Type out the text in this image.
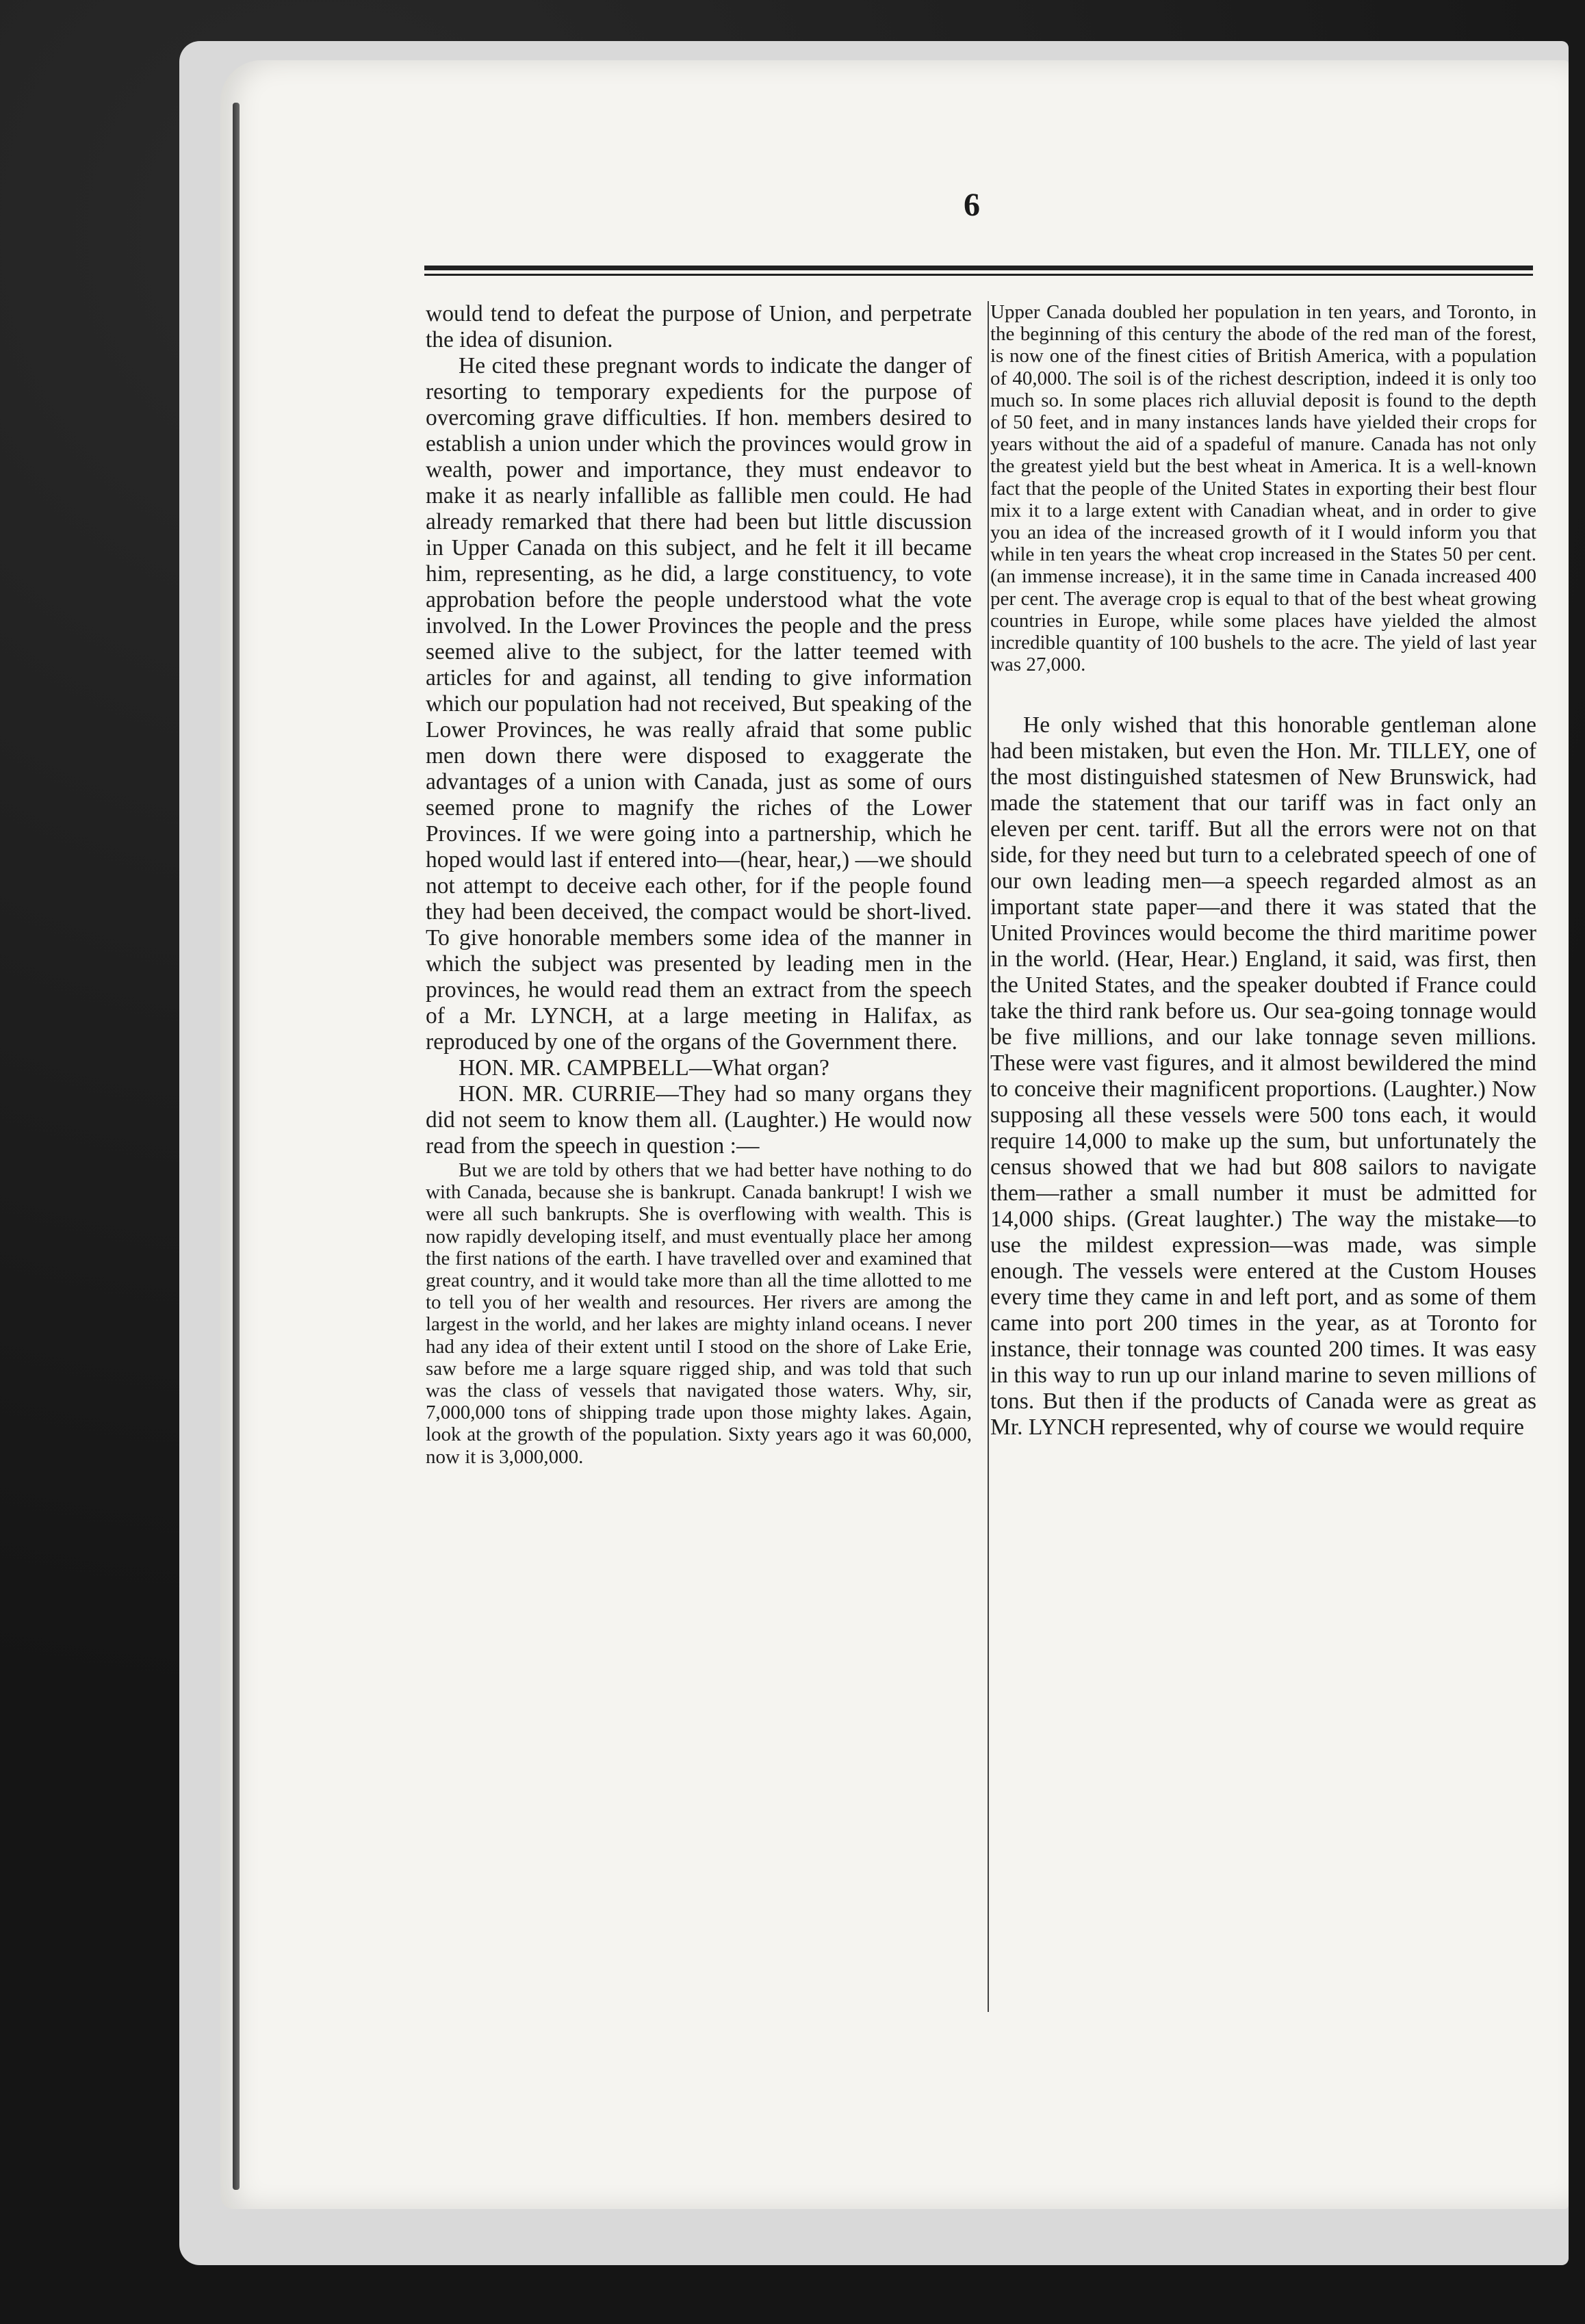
6

would tend to defeat the purpose of Union, and perpetrate the idea of disunion.

He cited these pregnant words to indicate the danger of resorting to temporary expedients for the purpose of overcoming grave difficulties. If hon. members desired to establish a union under which the provinces would grow in wealth, power and importance, they must endeavor to make it as nearly infallible as fallible men could. He had already remarked that there had been but little discussion in Upper Canada on this subject, and he felt it ill became him, representing, as he did, a large constituency, to vote approbation before the people understood what the vote involved. In the Lower Provinces the people and the press seemed alive to the subject, for the latter teemed with articles for and against, all tending to give information which our population had not received, But speaking of the Lower Provinces, he was really afraid that some public men down there were disposed to exaggerate the advantages of a union with Canada, just as some of ours seemed prone to magnify the riches of the Lower Provinces. If we were going into a partnership, which he hoped would last if entered into—(hear, hear,) —we should not attempt to deceive each other, for if the people found they had been deceived, the compact would be short-lived. To give honorable members some idea of the manner in which the subject was presented by leading men in the provinces, he would read them an extract from the speech of a Mr. LYNCH, at a large meeting in Halifax, as reproduced by one of the organs of the Government there.

HON. MR. CAMPBELL—What organ?

HON. MR. CURRIE—They had so many organs they did not seem to know them all. (Laughter.) He would now read from the speech in question :—

But we are told by others that we had better have nothing to do with Canada, because she is bankrupt. Canada bankrupt! I wish we were all such bankrupts. She is overflowing with wealth. This is now rapidly developing itself, and must eventually place her among the first nations of the earth. I have travelled over and examined that great country, and it would take more than all the time allotted to me to tell you of her wealth and resources. Her rivers are among the largest in the world, and her lakes are mighty inland oceans. I never had any idea of their extent until I stood on the shore of Lake Erie, saw before me a large square rigged ship, and was told that such was the class of vessels that navigated those waters. Why, sir, 7,000,000 tons of shipping trade upon those mighty lakes. Again, look at the growth of the population. Sixty years ago it was 60,000, now it is 3,000,000.

Upper Canada doubled her population in ten years, and Toronto, in the beginning of this century the abode of the red man of the forest, is now one of the finest cities of British America, with a population of 40,000. The soil is of the richest description, indeed it is only too much so. In some places rich alluvial deposit is found to the depth of 50 feet, and in many instances lands have yielded their crops for years without the aid of a spadeful of manure. Canada has not only the greatest yield but the best wheat in America. It is a well-known fact that the people of the United States in exporting their best flour mix it to a large extent with Canadian wheat, and in order to give you an idea of the increased growth of it I would inform you that while in ten years the wheat crop increased in the States 50 per cent. (an immense increase), it in the same time in Canada increased 400 per cent. The average crop is equal to that of the best wheat growing countries in Europe, while some places have yielded the almost incredible quantity of 100 bushels to the acre. The yield of last year was 27,000.

He only wished that this honorable gentleman alone had been mistaken, but even the Hon. Mr. TILLEY, one of the most distinguished statesmen of New Brunswick, had made the statement that our tariff was in fact only an eleven per cent. tariff. But all the errors were not on that side, for they need but turn to a celebrated speech of one of our own leading men—a speech regarded almost as an important state paper—and there it was stated that the United Provinces would become the third maritime power in the world. (Hear, Hear.) England, it said, was first, then the United States, and the speaker doubted if France could take the third rank before us. Our sea-going tonnage would be five millions, and our lake tonnage seven millions. These were vast figures, and it almost bewildered the mind to conceive their magnificent proportions. (Laughter.) Now supposing all these vessels were 500 tons each, it would require 14,000 to make up the sum, but unfortunately the census showed that we had but 808 sailors to navigate them—rather a small number it must be admitted for 14,000 ships. (Great laughter.) The way the mistake—to use the mildest expression—was made, was simple enough. The vessels were entered at the Custom Houses every time they came in and left port, and as some of them came into port 200 times in the year, as at Toronto for instance, their tonnage was counted 200 times. It was easy in this way to run up our inland marine to seven millions of tons. But then if the products of Canada were as great as Mr. LYNCH represented, why of course we would require
